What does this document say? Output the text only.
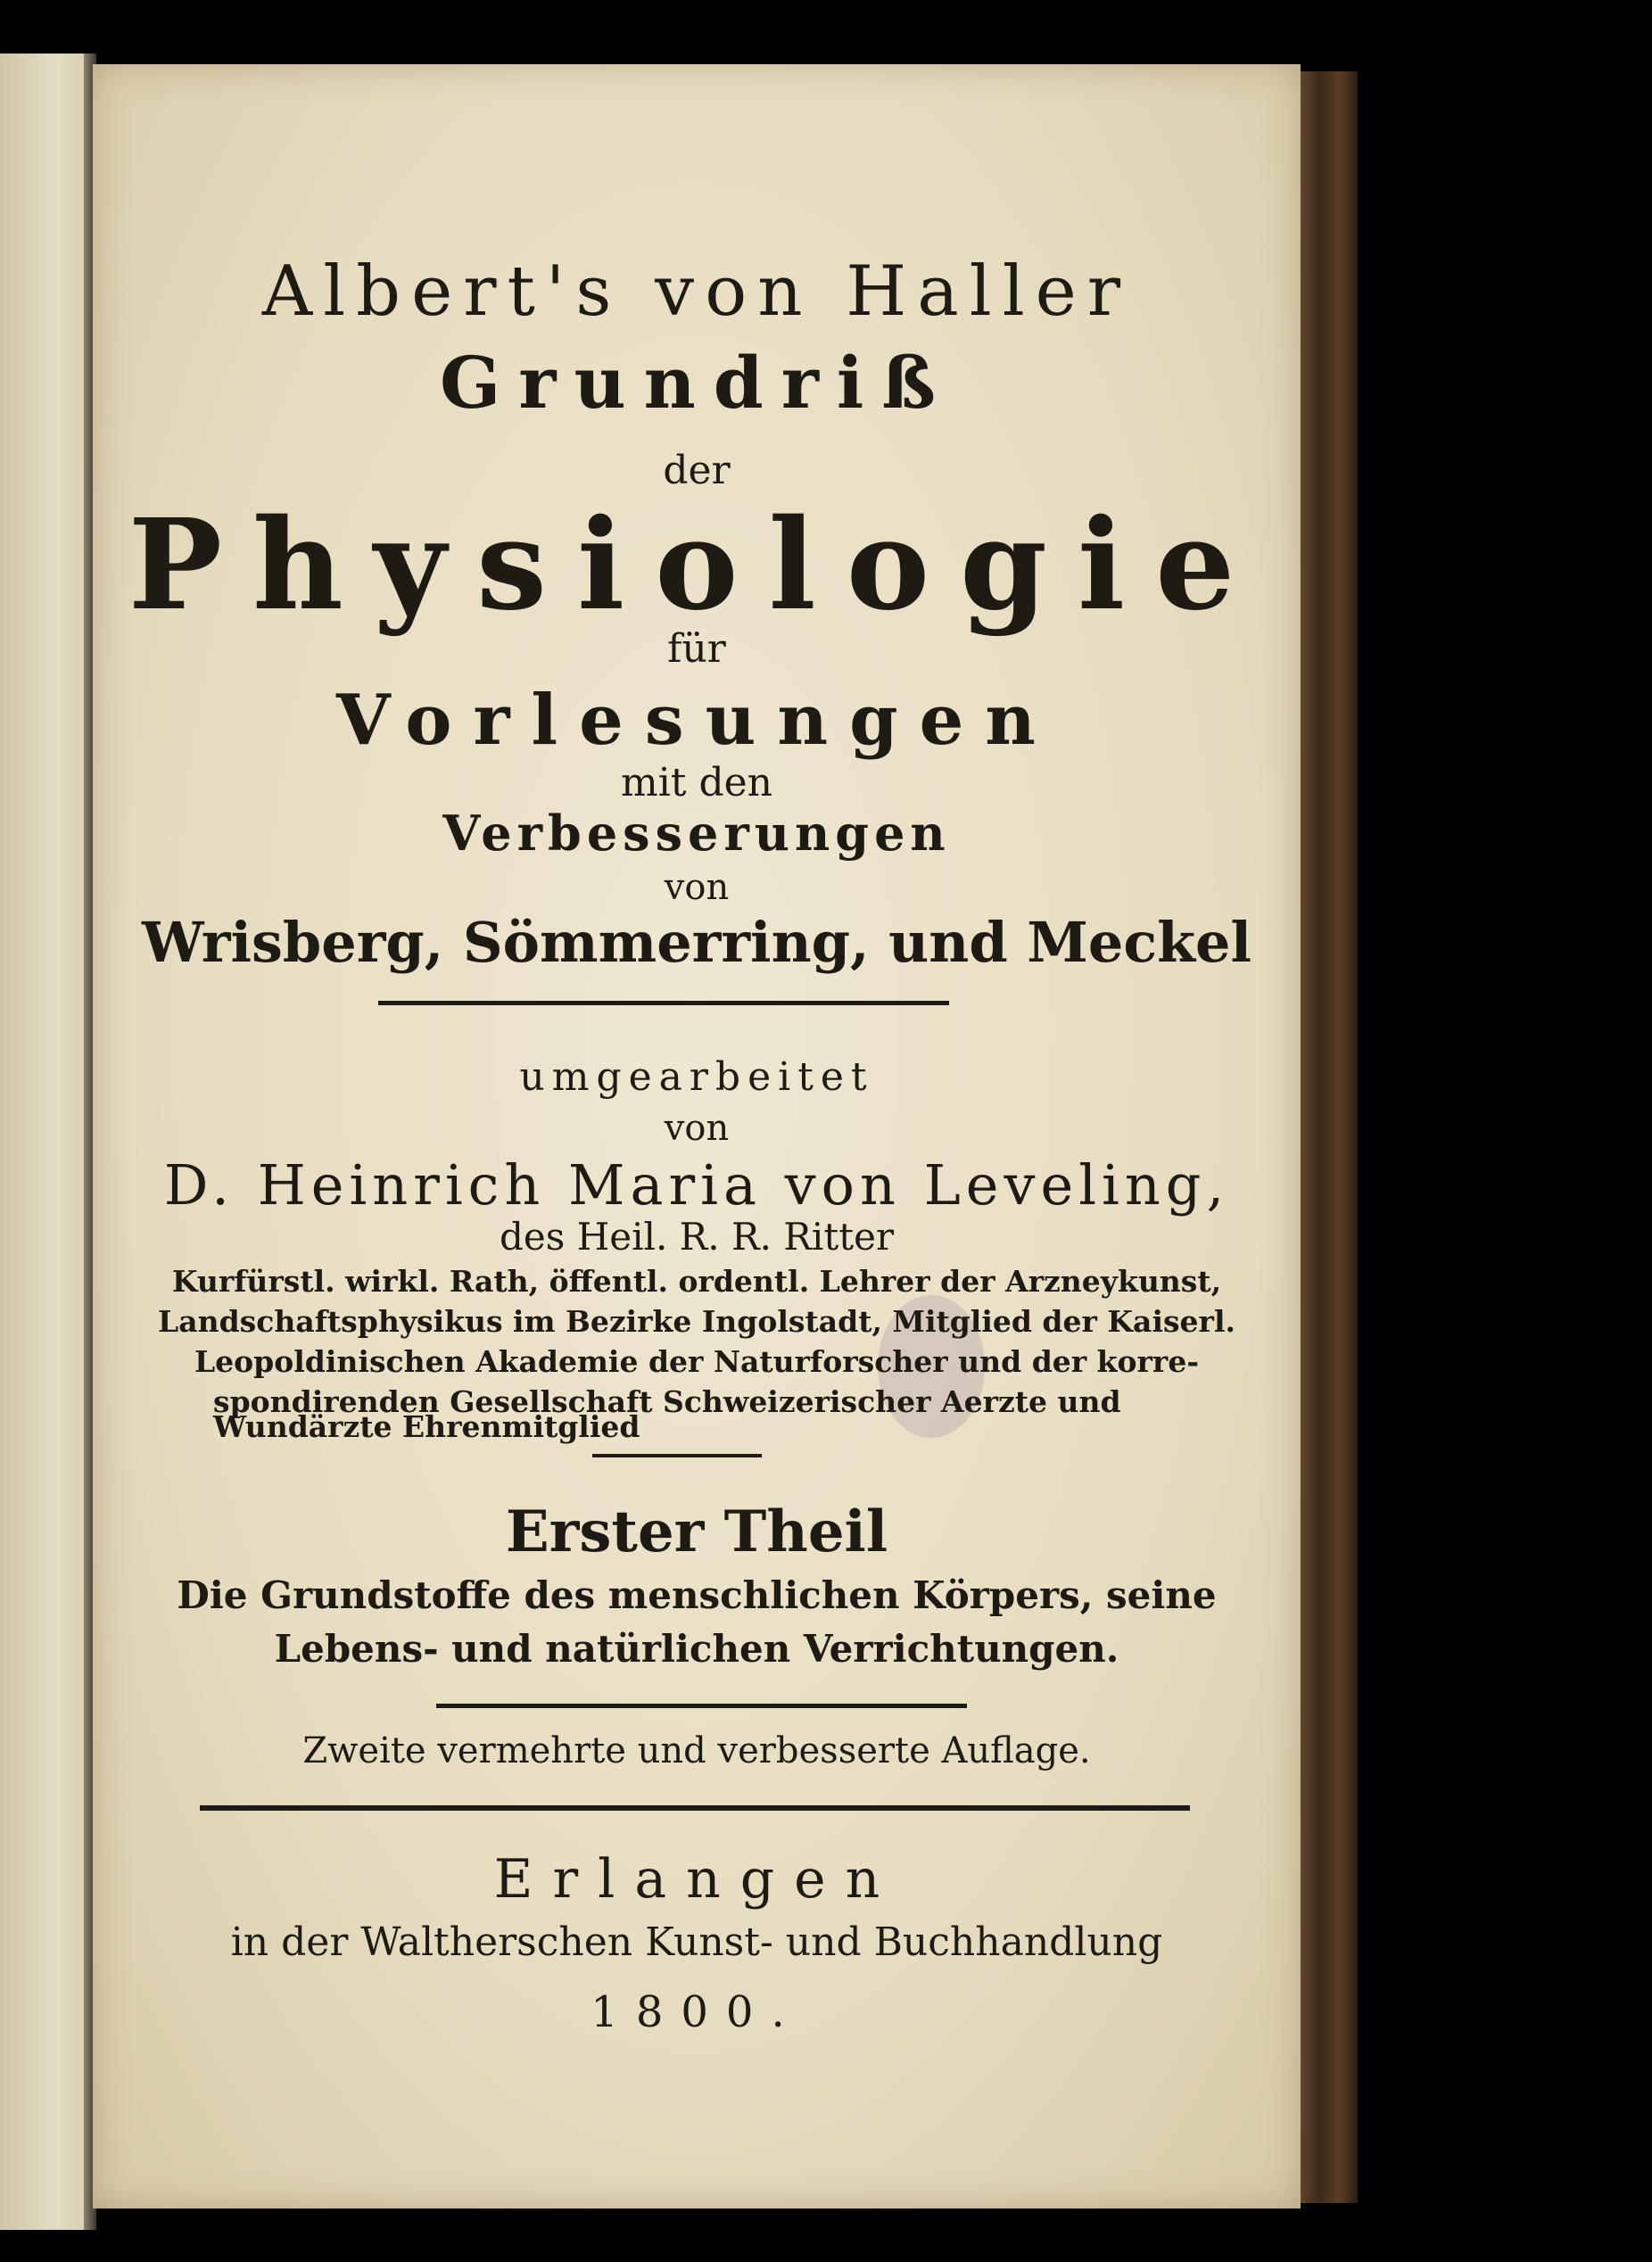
Albert's von Haller
Grundriß
der
Physiologie
für
Vorlesungen
mit den
Verbesserungen
von
Wrisberg, Sömmerring, und Meckel
umgearbeitet
von
D. Heinrich Maria von Leveling,
des Heil. R. R. Ritter
Kurfürstl. wirkl. Rath, öffentl. ordentl. Lehrer der Arzneykunst,
Landschaftsphysikus im Bezirke Ingolstadt, Mitglied der Kaiserl.
Leopoldinischen Akademie der Naturforscher und der korre-
spondirenden Gesellschaft Schweizerischer Aerzte und
Wundärzte Ehrenmitglied
Erster Theil
Die Grundstoffe des menschlichen Körpers, seine
Lebens- und natürlichen Verrichtungen.
Zweite vermehrte und verbesserte Auflage.
Erlangen
in der Waltherschen Kunst- und Buchhandlung
1800.
